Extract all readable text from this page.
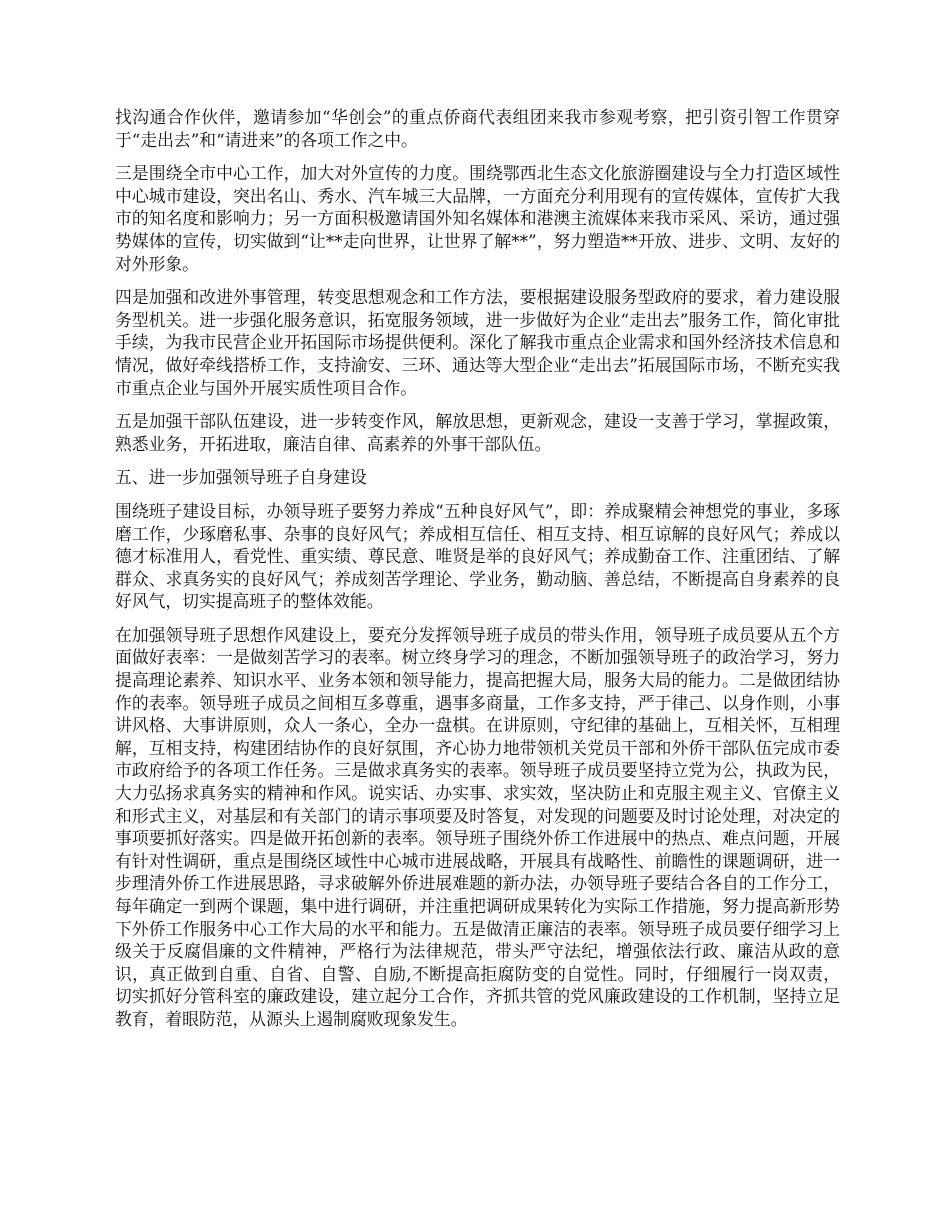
找沟通合作伙伴，邀请参加“华创会”的重点侨商代表组团来我市参观考察，把引资引智工作贯穿于“走出去”和“请进来”的各项工作之中。

三是围绕全市中心工作，加大对外宣传的力度。围绕鄂西北生态文化旅游圈建设与全力打造区域性中心城市建设，突出名山、秀水、汽车城三大品牌，一方面充分利用现有的宣传媒体，宣传扩大我市的知名度和影响力；另一方面积极邀请国外知名媒体和港澳主流媒体来我市采风、采访，通过强势媒体的宣传，切实做到“让**走向世界，让世界了解**”，努力塑造**开放、进步、文明、友好的对外形象。

四是加强和改进外事管理，转变思想观念和工作方法，要根据建设服务型政府的要求，着力建设服务型机关。进一步强化服务意识，拓宽服务领域，进一步做好为企业“走出去”服务工作，简化审批手续，为我市民营企业开拓国际市场提供便利。深化了解我市重点企业需求和国外经济技术信息和情况，做好牵线搭桥工作，支持渝安、三环、通达等大型企业“走出去”拓展国际市场，不断充实我市重点企业与国外开展实质性项目合作。

五是加强干部队伍建设，进一步转变作风，解放思想，更新观念，建设一支善于学习，掌握政策，熟悉业务，开拓进取，廉洁自律、高素养的外事干部队伍。

五、进一步加强领导班子自身建设

围绕班子建设目标，办领导班子要努力养成“五种良好风气”，即：养成聚精会神想党的事业，多琢磨工作，少琢磨私事、杂事的良好风气；养成相互信任、相互支持、相互谅解的良好风气；养成以德才标准用人，看党性、重实绩、尊民意、唯贤是举的良好风气；养成勤奋工作、注重团结、了解群众、求真务实的良好风气；养成刻苦学理论、学业务，勤动脑、善总结，不断提高自身素养的良好风气，切实提高班子的整体效能。

在加强领导班子思想作风建设上，要充分发挥领导班子成员的带头作用，领导班子成员要从五个方面做好表率：一是做刻苦学习的表率。树立终身学习的理念，不断加强领导班子的政治学习，努力提高理论素养、知识水平、业务本领和领导能力，提高把握大局，服务大局的能力。二是做团结协作的表率。领导班子成员之间相互多尊重，遇事多商量，工作多支持，严于律己、以身作则，小事讲风格、大事讲原则，众人一条心，全办一盘棋。在讲原则，守纪律的基础上，互相关怀，互相理解，互相支持，构建团结协作的良好氛围，齐心协力地带领机关党员干部和外侨干部队伍完成市委市政府给予的各项工作任务。三是做求真务实的表率。领导班子成员要坚持立党为公，执政为民，大力弘扬求真务实的精神和作风。说实话、办实事、求实效，坚决防止和克服主观主义、官僚主义和形式主义，对基层和有关部门的请示事项要及时答复，对发现的问题要及时讨论处理，对决定的事项要抓好落实。四是做开拓创新的表率。领导班子围绕外侨工作进展中的热点、难点问题，开展有针对性调研，重点是围绕区域性中心城市进展战略，开展具有战略性、前瞻性的课题调研，进一步理清外侨工作进展思路，寻求破解外侨进展难题的新办法，办领导班子要结合各自的工作分工，每年确定一到两个课题，集中进行调研，并注重把调研成果转化为实际工作措施，努力提高新形势下外侨工作服务中心工作大局的水平和能力。五是做清正廉洁的表率。领导班子成员要仔细学习上级关于反腐倡廉的文件精神，严格行为法律规范，带头严守法纪，增强依法行政、廉洁从政的意识，真正做到自重、自省、自警、自励,不断提高拒腐防变的自觉性。同时，仔细履行一岗双责，切实抓好分管科室的廉政建设，建立起分工合作，齐抓共管的党风廉政建设的工作机制，坚持立足教育，着眼防范，从源头上遏制腐败现象发生。
